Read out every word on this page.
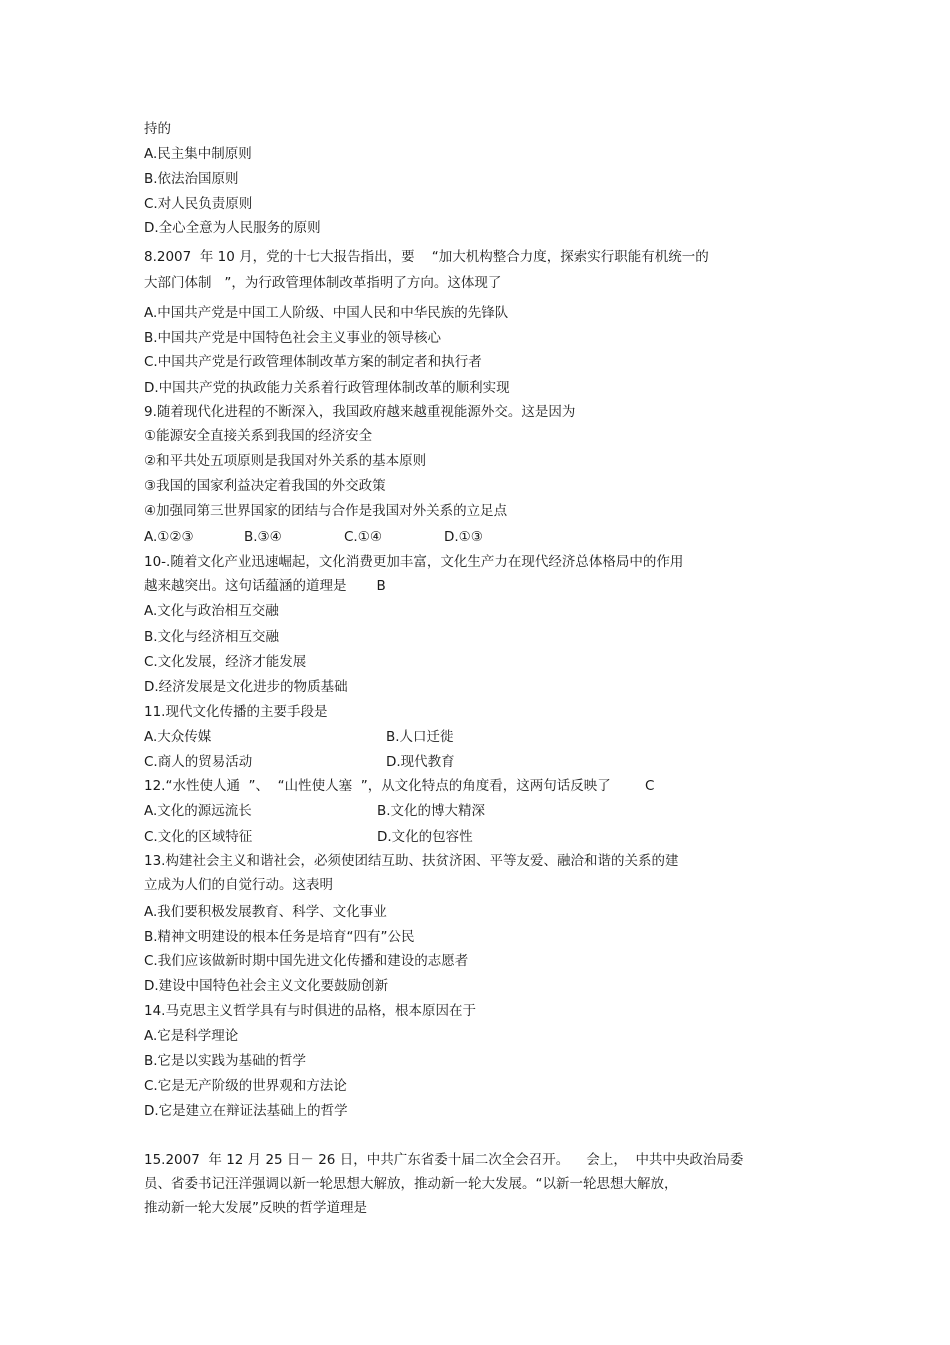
持的
A.民主集中制原则
B.依法治国原则
C.对人民负责原则
D.全心全意为人民服务的原则
8.2007  年 10 月，党的十七大报告指出，要    “加大机构整合力度，探索实行职能有机统一的
大部门体制   ”，为行政管理体制改革指明了方向。这体现了
A.中国共产党是中国工人阶级、中国人民和中华民族的先锋队
B.中国共产党是中国特色社会主义事业的领导核心
C.中国共产党是行政管理体制改革方案的制定者和执行者
D.中国共产党的执政能力关系着行政管理体制改革的顺利实现
9.随着现代化进程的不断深入，我国政府越来越重视能源外交。这是因为
①能源安全直接关系到我国的经济安全
②和平共处五项原则是我国对外关系的基本原则
③我国的国家利益决定着我国的外交政策
④加强同第三世界国家的团结与合作是我国对外关系的立足点
A.①②③	B.③④	C.①④	D.①③
10-.随着文化产业迅速崛起，文化消费更加丰富，文化生产力在现代经济总体格局中的作用
越来越突出。这句话蕴涵的道理是       B
A.文化与政治相互交融
B.文化与经济相互交融
C.文化发展，经济才能发展
D.经济发展是文化进步的物质基础
11.现代文化传播的主要手段是
A.大众传媒	B.人口迁徙
C.商人的贸易活动	D.现代教育
12.“水性使人通  ”、  “山性使人塞  ”，从文化特点的角度看，这两句话反映了        C
A.文化的源远流长	B.文化的博大精深
C.文化的区域特征	D.文化的包容性
13.构建社会主义和谐社会，必须使团结互助、扶贫济困、平等友爱、融洽和谐的关系的建
立成为人们的自觉行动。这表明
A.我们要积极发展教育、科学、文化事业
B.精神文明建设的根本任务是培育“四有”公民
C.我们应该做新时期中国先进文化传播和建设的志愿者
D.建设中国特色社会主义文化要鼓励创新
14.马克思主义哲学具有与时俱进的品格，根本原因在于
A.它是科学理论
B.它是以实践为基础的哲学
C.它是无产阶级的世界观和方法论
D.它是建立在辩证法基础上的哲学
15.2007  年 12 月 25 日－ 26 日，中共广东省委十届二次全会召开。    会上，  中共中央政治局委
员、省委书记汪洋强调以新一轮思想大解放，推动新一轮大发展。“以新一轮思想大解放，
推动新一轮大发展”反映的哲学道理是
